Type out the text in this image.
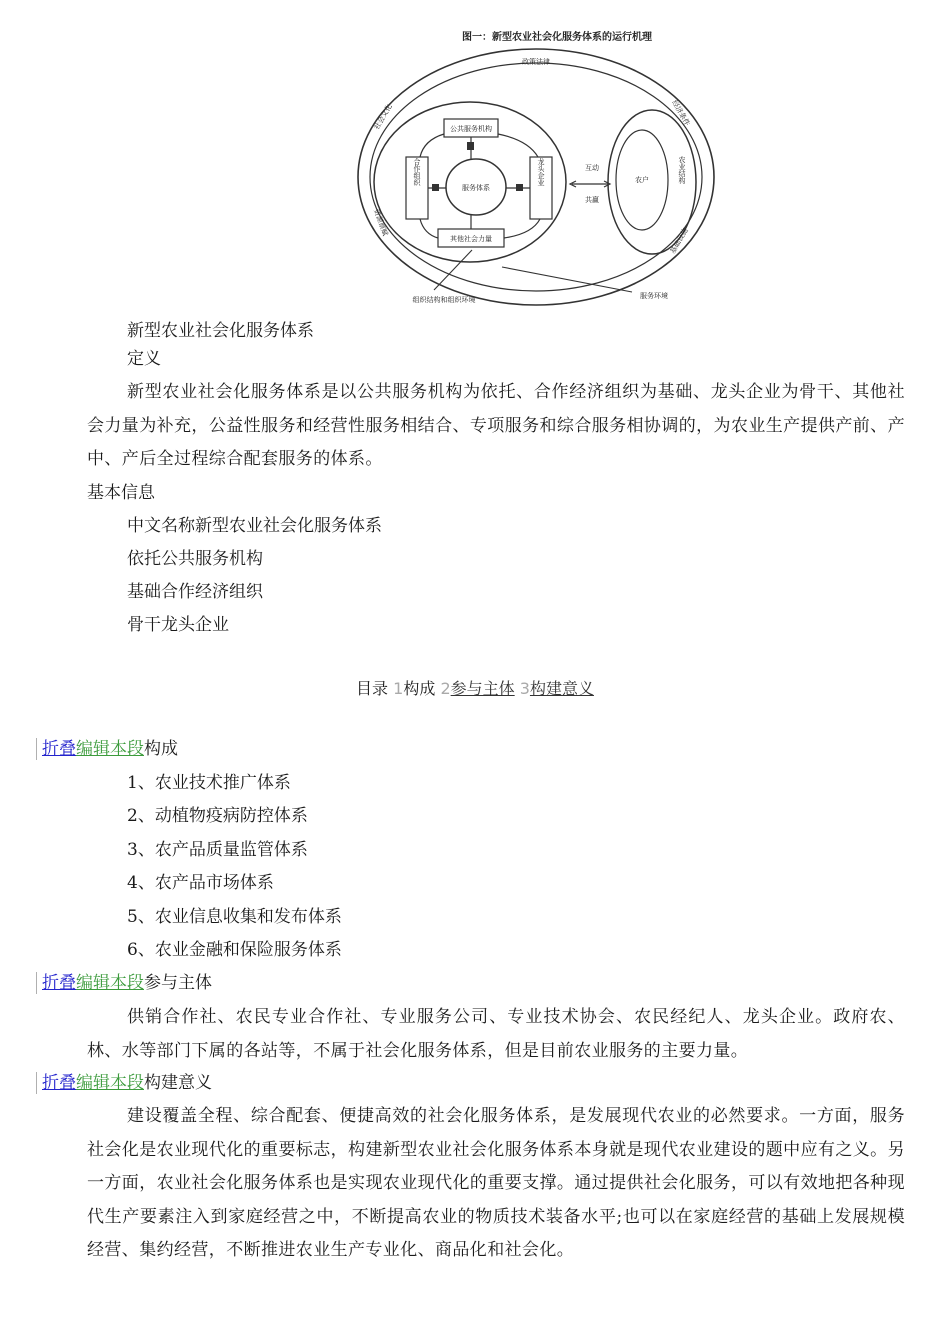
图一：新型农业社会化服务体系的运行机理
政策法律
社会文化	经济条件
资源禀赋
基础设施
公共服务机构
合作组织	龙头企业
其他社会力量
服务体系
互动
共赢
农户	农业结构
组织结构和组织环境	服务环境
新型农业社会化服务体系
定义
新型农业社会化服务体系是以公共服务机构为依托、合作经济组织为基础、龙头企业为骨干、其他社会力量为补充，公益性服务和经营性服务相结合、专项服务和综合服务相协调的，为农业生产提供产前、产中、产后全过程综合配套服务的体系。
基本信息
中文名称新型农业社会化服务体系
依托公共服务机构
基础合作经济组织
骨干龙头企业
目录 1构成 2参与主体 3构建意义
折叠编辑本段构成
1、农业技术推广体系
2、动植物疫病防控体系
3、农产品质量监管体系
4、农产品市场体系
5、农业信息收集和发布体系
6、农业金融和保险服务体系
折叠编辑本段参与主体
供销合作社、农民专业合作社、专业服务公司、专业技术协会、农民经纪人、龙头企业。政府农、林、水等部门下属的各站等，不属于社会化服务体系，但是目前农业服务的主要力量。
折叠编辑本段构建意义
建设覆盖全程、综合配套、便捷高效的社会化服务体系，是发展现代农业的必然要求。一方面，服务社会化是农业现代化的重要标志，构建新型农业社会化服务体系本身就是现代农业建设的题中应有之义。另一方面，农业社会化服务体系也是实现农业现代化的重要支撑。通过提供社会化服务，可以有效地把各种现代生产要素注入到家庭经营之中，不断提高农业的物质技术装备水平;也可以在家庭经营的基础上发展规模经营、集约经营，不断推进农业生产专业化、商品化和社会化。
